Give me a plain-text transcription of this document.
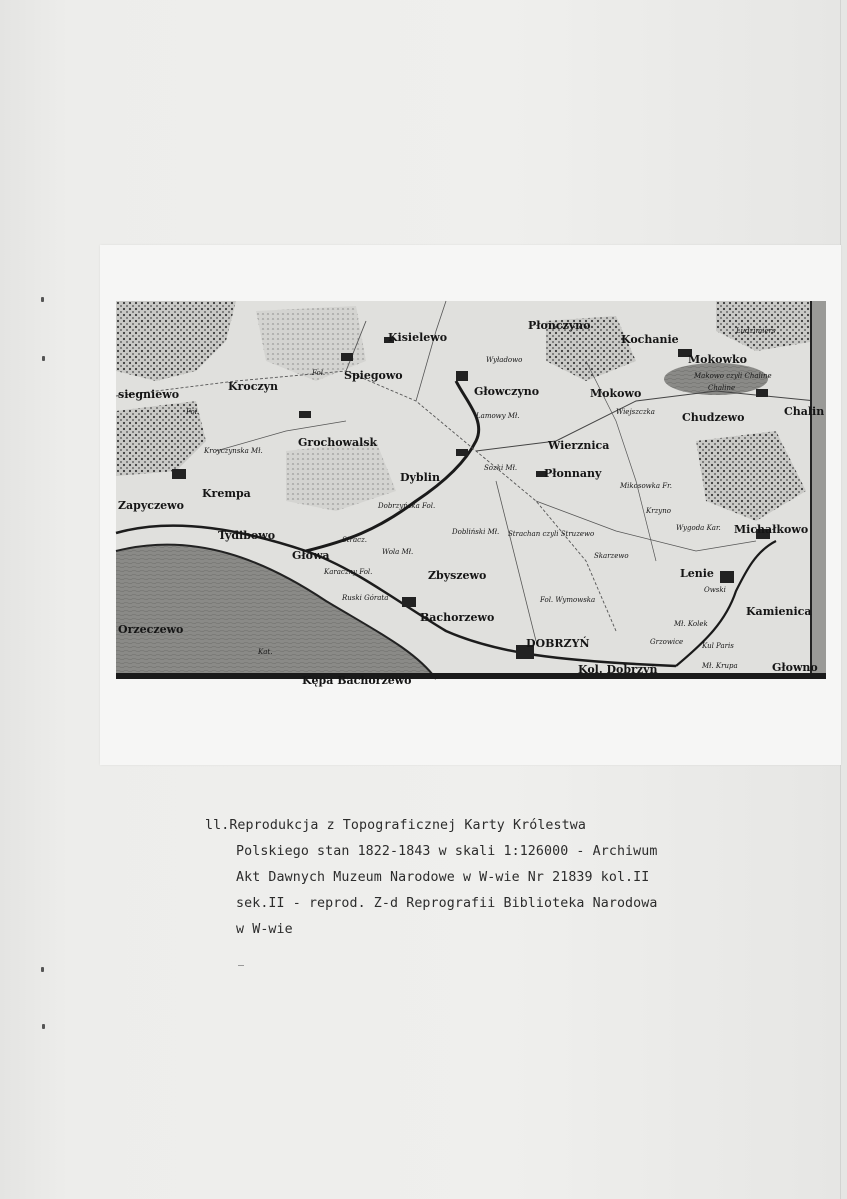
Kisielewo
Płonczyno
Kochanie
Ludzimiers
Mokowko
Spiegowo
Wyładowo
Fol.
siegniewo
Kroczyn	Głowczyno	Mokowo
Makowo czyli Chaline
Chaline
Chalin
Fol.	Lamowy Mł.	Wiejszczka Chudzewo
Grochowalsk
Kroyczynska Mł.	Wierznica
Dyblin
Sozki Mł. Płonnany
Krempa
Zapyczewo
Mikosowka Fr.
Krzyno
Tydibowo
Dobrzyńska Fol.
Dobliński Mł. Strachan czyli Struzewo
Wygoda Kar. Michałkowo
Głowa
Stracz.
Wola Mł.	Skarzewo
Lenie
Zbyszewo
Karaczny Fol.
Owski
Ruski Górata	Fol. Wymowska
Kamienica
Bachorzewo	Mł. Kolek
Orzeczewo
Kat.
Grzowice	Kul Paris
DOBRZYŃ
Kol. Dobrzyń	Mł. Krupa	Głowno
Kępa Bachorzewo
ll.Reprodukcja z Topograficznej Karty Królestwa
Polskiego stan 1822-1843 w skali 1:126000 - Archiwum
Akt Dawnych Muzeum Narodowe w W-wie Nr 21839 kol.II
sek.II - reprod. Z-d Reprografii Biblioteka Narodowa
w W-wie
